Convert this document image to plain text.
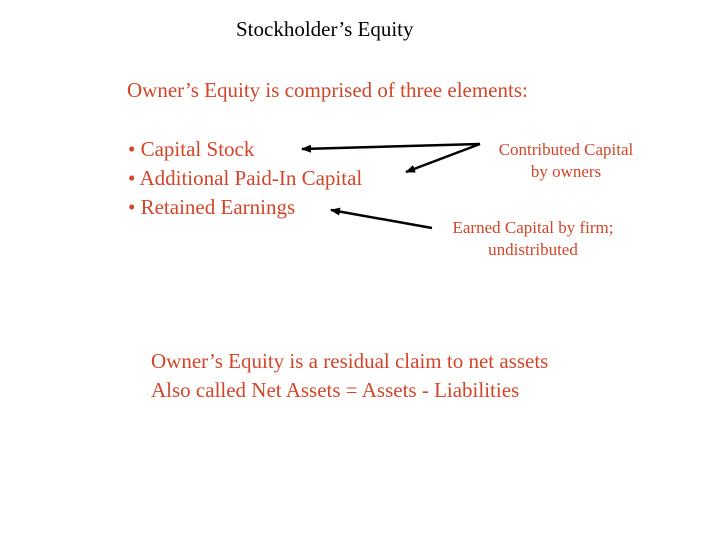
Stockholder’s Equity
Owner’s Equity is comprised of three elements:
• Capital Stock
• Additional Paid-In Capital
• Retained Earnings
Contributed Capital
by owners
Earned Capital by firm;
undistributed
Owner’s Equity is a residual claim to net assets
Also called Net Assets = Assets - Liabilities
